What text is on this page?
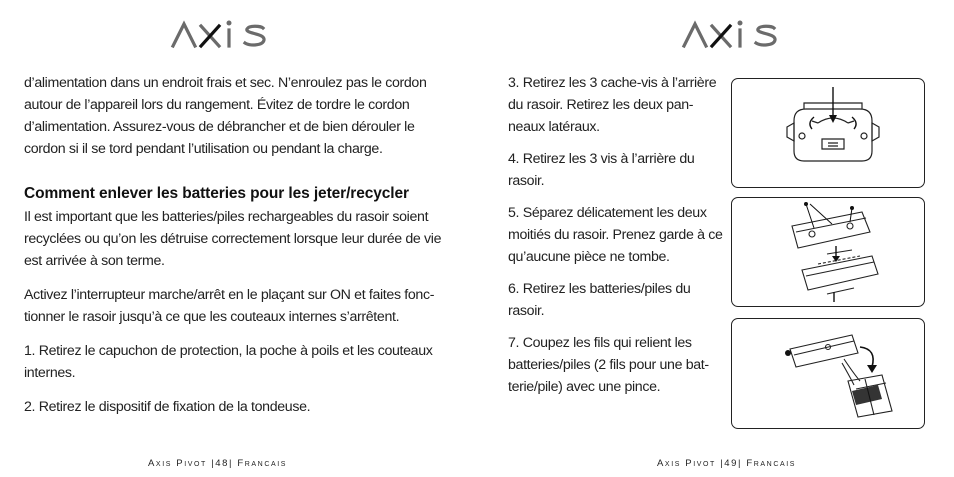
d’alimentation dans un endroit frais et sec. N’enroulez pas le cordon autour de l’appareil lors du rangement. Évitez de tordre le cordon d’alimentation. Assurez-vous de débrancher et de bien dérouler le cordon si il se tord pendant l’utilisation ou pendant la charge.

Comment enlever les batteries pour les jeter/recycler

Il est important que les batteries/piles rechargeables du rasoir soient recyclées ou qu’on les détruise correctement lorsque leur durée de vie est arrivée à son terme.

Activez l’interrupteur marche/arrêt en le plaçant sur ON et faites fonc-tionner le rasoir jusqu’à ce que les couteaux internes s’arrêtent.

1. Retirez le capuchon de protection, la poche à poils et les couteaux internes.

2. Retirez le dispositif de fixation de la tondeuse.

Axis Pivot |48| Francais

3. Retirez les 3 cache-vis à l’arrière du rasoir. Retirez les deux pan-neaux latéraux.

4. Retirez les 3 vis à l’arrière du rasoir.

5. Séparez délicatement les deux moitiés du rasoir. Prenez garde à ce qu’aucune pièce ne tombe.

6. Retirez les batteries/piles du rasoir.

7. Coupez les fils qui relient les batteries/piles (2 fils pour une bat-terie/pile) avec une pince.

Axis Pivot |49| Francais
